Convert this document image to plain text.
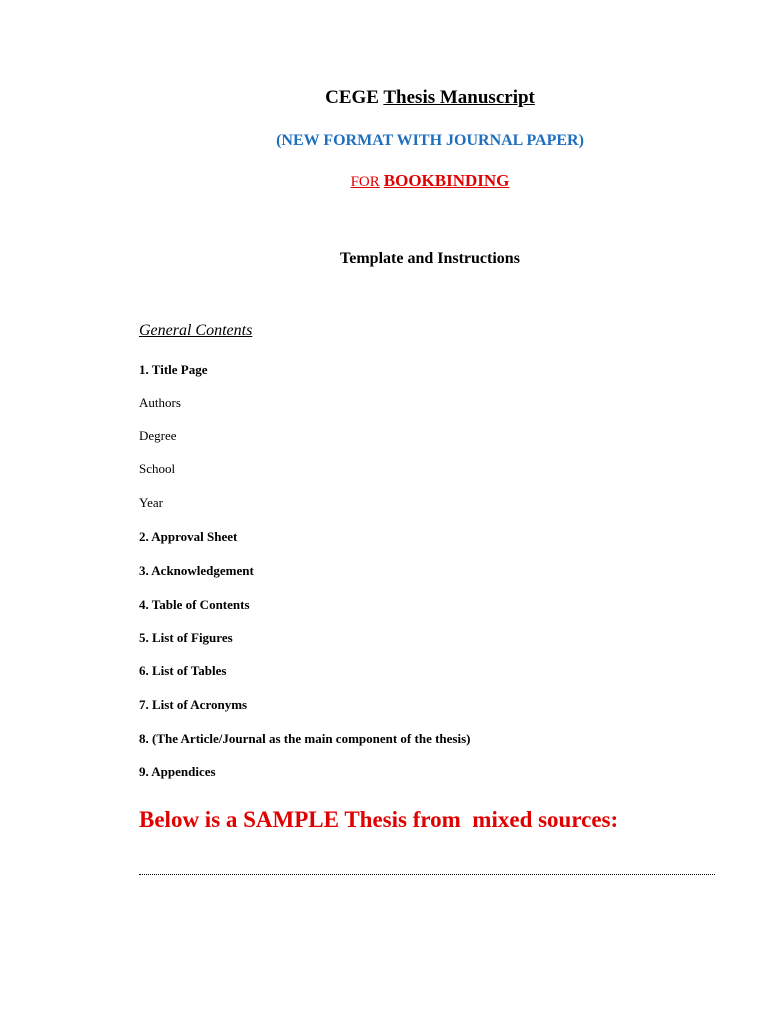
CEGE Thesis Manuscript
(NEW FORMAT WITH JOURNAL PAPER)
FOR BOOKBINDING
Template and Instructions
General Contents
1. Title Page
Authors
Degree
School
Year
2. Approval Sheet
3. Acknowledgement
4. Table of Contents
5. List of Figures
6. List of Tables
7. List of Acronyms
8. (The Article/Journal as the main component of the thesis)
9. Appendices
Below is a SAMPLE Thesis from  mixed sources:
